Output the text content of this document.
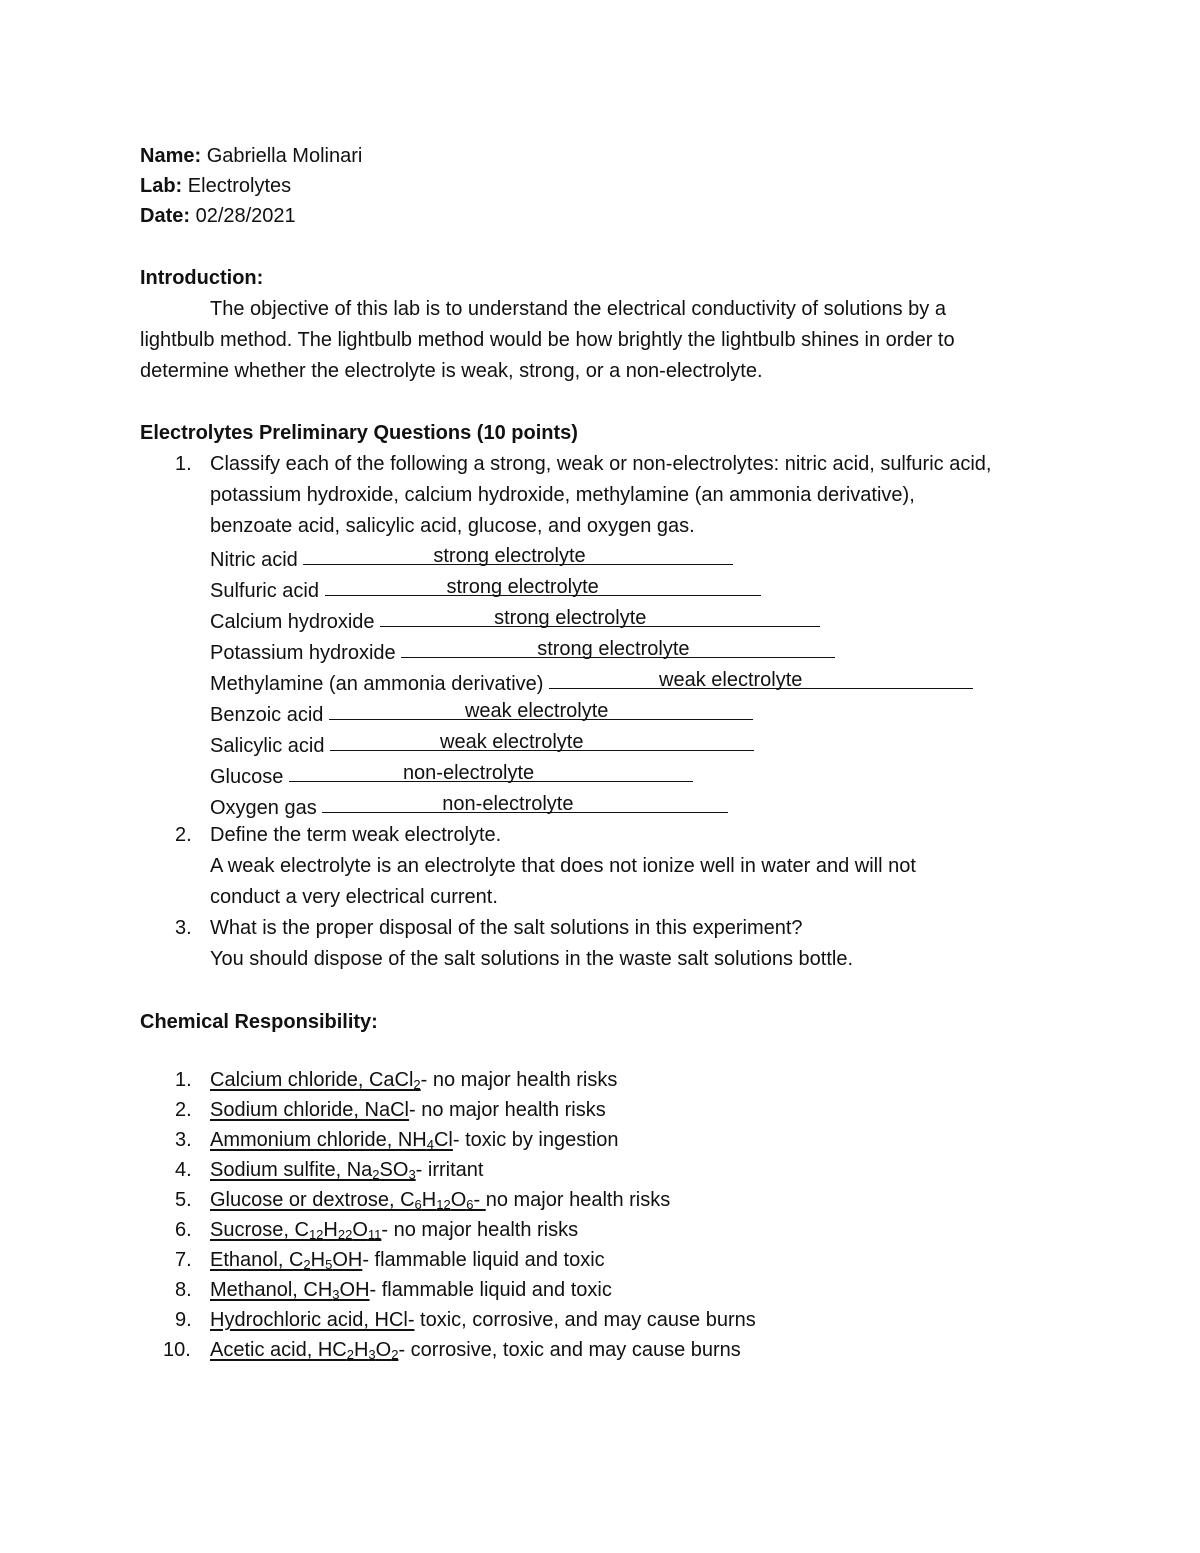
Name: Gabriella Molinari
Lab: Electrolytes
Date: 02/28/2021
Introduction:
The objective of this lab is to understand the electrical conductivity of solutions by a
lightbulb method. The lightbulb method would be how brightly the lightbulb shines in order to
determine whether the electrolyte is weak, strong, or a non-electrolyte.
Electrolytes Preliminary Questions (10 points)
1. Classify each of the following a strong, weak or non-electrolytes: nitric acid, sulfuric acid,
potassium hydroxide, calcium hydroxide, methylamine (an ammonia derivative),
benzoate acid, salicylic acid, glucose, and oxygen gas.
Nitric acid	strong electrolyte
Sulfuric acid	strong electrolyte
Calcium hydroxide	strong electrolyte
Potassium hydroxide	strong electrolyte
Methylamine (an ammonia derivative)	weak electrolyte
Benzoic acid	weak electrolyte
Salicylic acid	weak electrolyte
Glucose	non-electrolyte
Oxygen gas	non-electrolyte
2. Define the term weak electrolyte.
A weak electrolyte is an electrolyte that does not ionize well in water and will not
conduct a very electrical current.
3. What is the proper disposal of the salt solutions in this experiment?
You should dispose of the salt solutions in the waste salt solutions bottle.
Chemical Responsibility:
1. Calcium chloride, CaCl$_2$- no major health risks
2. Sodium chloride, NaCl- no major health risks
3. Ammonium chloride, $NH_4Cl-$ toxic by ingestion
4. Sodium sulfite, $Na_2SO_3-$ irritant
5. Glucose or dextrose, $C_6H_{12}O_6-$ no major health risks
6. Sucrose, $C_{12}H_{22}O_{11}-$ no major health risks
7. Ethanol, $C_2H_5OH-$ flammable liquid and toxic
8. Methanol, $CH_3OH-$ flammable liquid and toxic
9. Hydrochloric acid, HCl- toxic, corrosive, and may cause burns
10. Acetic acid, $HC_2H_3O_2-$ corrosive, toxic and may cause burns
